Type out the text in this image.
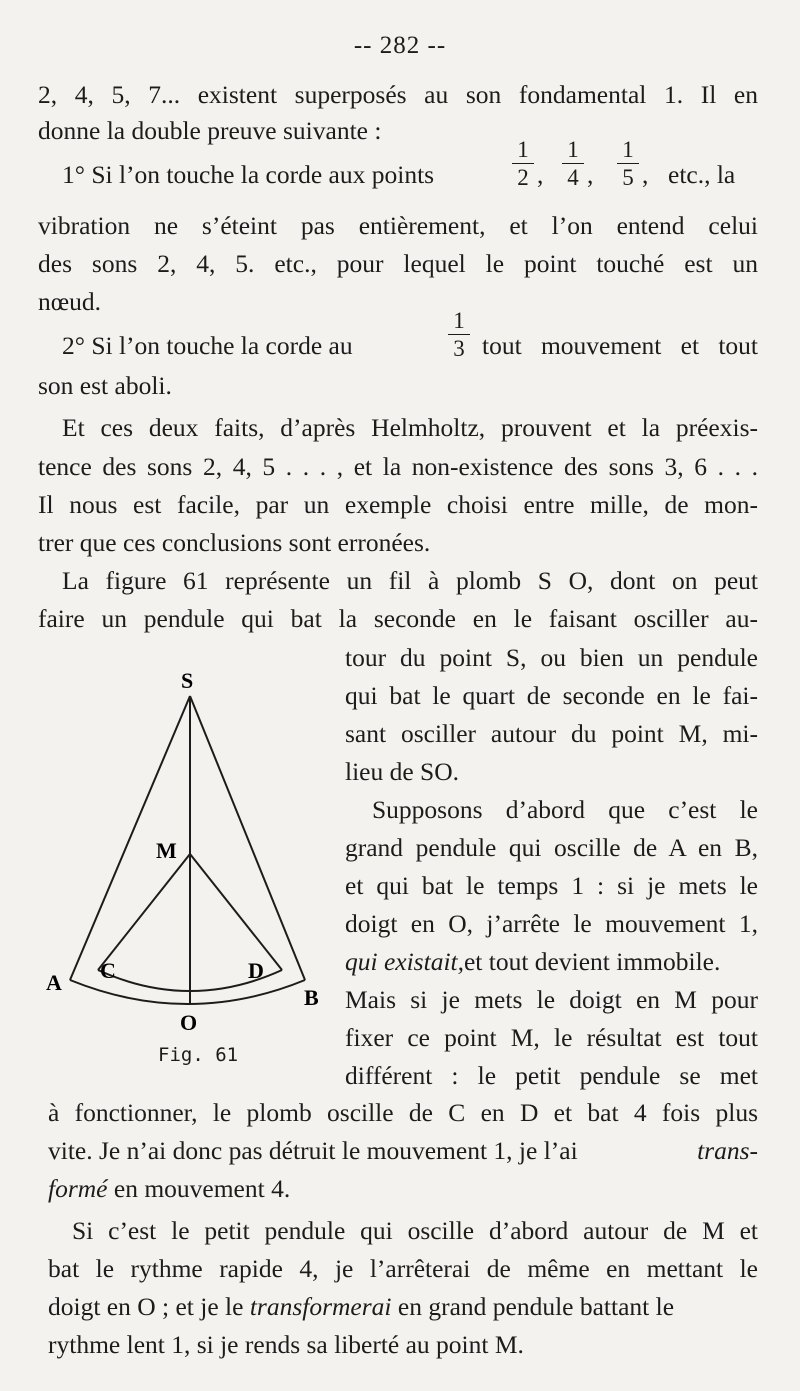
-- 282 --
2, 4, 5, 7... existent superposés au son fondamental 1. Il en
donne la double preuve suivante :
1° Si l’on touche la corde aux points
1
2 ,
1
4 ,
1
5 , etc., la
vibration ne s’éteint pas entièrement, et l’on entend celui
des sons 2, 4, 5. etc., pour lequel le point touché est un
nœud.
2° Si l’on touche la corde au
1
3 tout mouvement et tout
son est aboli.
Et ces deux faits, d’après Helmholtz, prouvent et la préexis-
tence des sons 2, 4, 5 . . . , et la non-existence des sons 3, 6 . . .
Il nous est facile, par un exemple choisi entre mille, de mon-
trer que ces conclusions sont erronées.
La figure 61 représente un fil à plomb S O, dont on peut
faire un pendule qui bat la seconde en le faisant osciller au-
tour du point S, ou bien un pendule
qui bat le quart de seconde en le fai-
sant osciller autour du point M, mi-
lieu de SO.
Supposons d’abord que c’est le
grand pendule qui oscille de A en B,
et qui bat le temps 1 : si je mets le
doigt en O, j’arrête le mouvement 1,
qui existait,et tout devient immobile.
Mais si je mets le doigt en M pour
fixer ce point M, le résultat est tout
différent : le petit pendule se met
à fonctionner, le plomb oscille de C en D et bat 4 fois plus
vite. Je n’ai donc pas détruit le mouvement 1, je l’ai	trans-
formé en mouvement 4.
Si c’est le petit pendule qui oscille d’abord autour de M et
bat le rythme rapide 4, je l’arrêterai de même en mettant le
doigt en O ; et je le transformerai en grand pendule battant le
rythme lent 1, si je rends sa liberté au point M.
S
M
A
B
C	D
O
Fig. 61
